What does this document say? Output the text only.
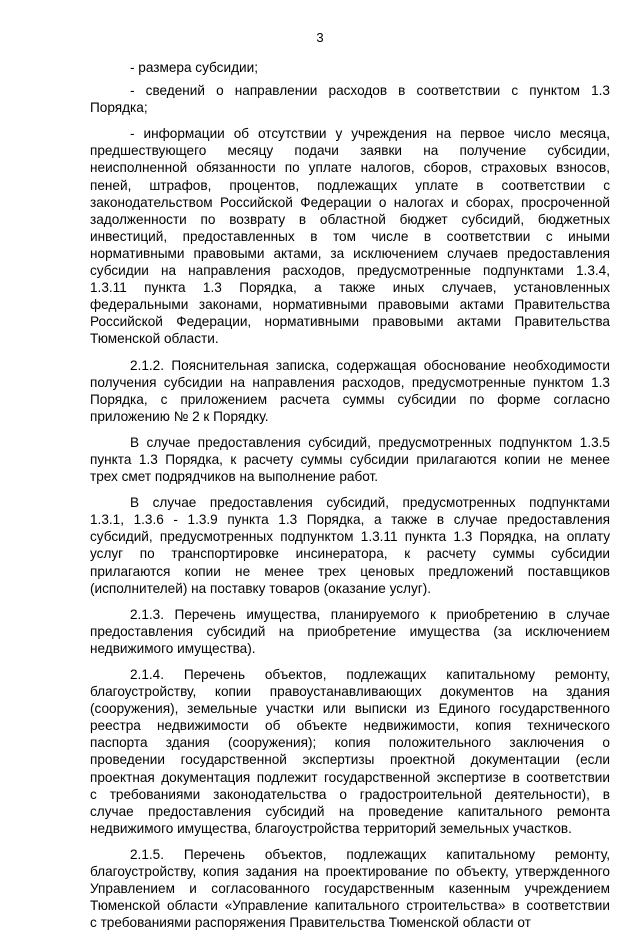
3
- размера субсидии;
- сведений о направлении расходов в соответствии с пунктом 1.3
Порядка;
- информации об отсутствии у учреждения на первое число месяца,
предшествующего месяцу подачи заявки на получение субсидии,
неисполненной обязанности по уплате налогов, сборов, страховых взносов,
пеней, штрафов, процентов, подлежащих уплате в соответствии с
законодательством Российской Федерации о налогах и сборах, просроченной
задолженности по возврату в областной бюджет субсидий, бюджетных
инвестиций, предоставленных в том числе в соответствии с иными
нормативными правовыми актами, за исключением случаев предоставления
субсидии на направления расходов, предусмотренные подпунктами 1.3.4,
1.3.11 пункта 1.3 Порядка, а также иных случаев, установленных
федеральными законами, нормативными правовыми актами Правительства
Российской Федерации, нормативными правовыми актами Правительства
Тюменской области.
2.1.2. Пояснительная записка, содержащая обоснование необходимости
получения субсидии на направления расходов, предусмотренные пунктом 1.3
Порядка, с приложением расчета суммы субсидии по форме согласно
приложению № 2 к Порядку.
В случае предоставления субсидий, предусмотренных подпунктом 1.3.5
пункта 1.3 Порядка, к расчету суммы субсидии прилагаются копии не менее
трех смет подрядчиков на выполнение работ.
В случае предоставления субсидий, предусмотренных подпунктами
1.3.1, 1.3.6 - 1.3.9 пункта 1.3 Порядка, а также в случае предоставления
субсидий, предусмотренных подпунктом 1.3.11 пункта 1.3 Порядка, на оплату
услуг по транспортировке инсинератора, к расчету суммы субсидии
прилагаются копии не менее трех ценовых предложений поставщиков
(исполнителей) на поставку товаров (оказание услуг).
2.1.3. Перечень имущества, планируемого к приобретению в случае
предоставления субсидий на приобретение имущества (за исключением
недвижимого имущества).
2.1.4. Перечень объектов, подлежащих капитальному ремонту,
благоустройству, копии правоустанавливающих документов на здания
(сооружения), земельные участки или выписки из Единого государственного
реестра недвижимости об объекте недвижимости, копия технического
паспорта здания (сооружения); копия положительного заключения о
проведении государственной экспертизы проектной документации (если
проектная документация подлежит государственной экспертизе в соответствии
с требованиями законодательства о градостроительной деятельности), в
случае предоставления субсидий на проведение капитального ремонта
недвижимого имущества, благоустройства территорий земельных участков.
2.1.5. Перечень объектов, подлежащих капитальному ремонту,
благоустройству, копия задания на проектирование по объекту, утвержденного
Управлением и согласованного государственным казенным учреждением
Тюменской области «Управление капитального строительства» в соответствии
с требованиями распоряжения Правительства Тюменской области от
